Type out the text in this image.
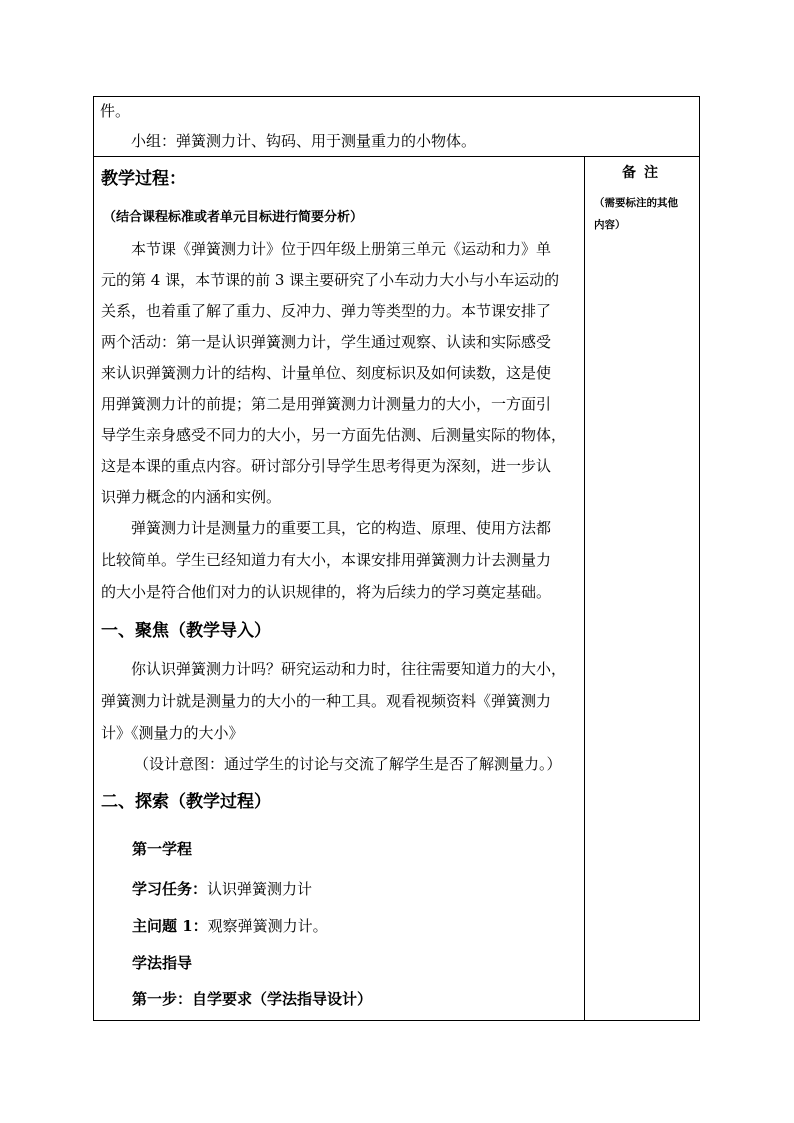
件。
小组：弹簧测力计、钩码、用于测量重力的小物体。
教学过程：
（结合课程标准或者单元目标进行简要分析）
本节课《弹簧测力计》位于四年级上册第三单元《运动和力》单
元的第 4 课，本节课的前 3 课主要研究了小车动力大小与小车运动的
关系，也着重了解了重力、反冲力、弹力等类型的力。本节课安排了
两个活动：第一是认识弹簧测力计，学生通过观察、认读和实际感受
来认识弹簧测力计的结构、计量单位、刻度标识及如何读数，这是使
用弹簧测力计的前提；第二是用弹簧测力计测量力的大小，一方面引
导学生亲身感受不同力的大小，另一方面先估测、后测量实际的物体，
这是本课的重点内容。研讨部分引导学生思考得更为深刻，进一步认
识弹力概念的内涵和实例。
弹簧测力计是测量力的重要工具，它的构造、原理、使用方法都
比较简单。学生已经知道力有大小，本课安排用弹簧测力计去测量力
的大小是符合他们对力的认识规律的，将为后续力的学习奠定基础。
一、聚焦（教学导入）
你认识弹簧测力计吗？研究运动和力时，往往需要知道力的大小，
弹簧测力计就是测量力的大小的一种工具。观看视频资料《弹簧测力
计》《测量力的大小》
（设计意图：通过学生的讨论与交流了解学生是否了解测量力。）
二、探索（教学过程）
第一学程
学习任务：认识弹簧测力计
主问题 1：观察弹簧测力计。
学法指导
第一步：自学要求（学法指导设计）
备注
（需要标注的其他
内容）
